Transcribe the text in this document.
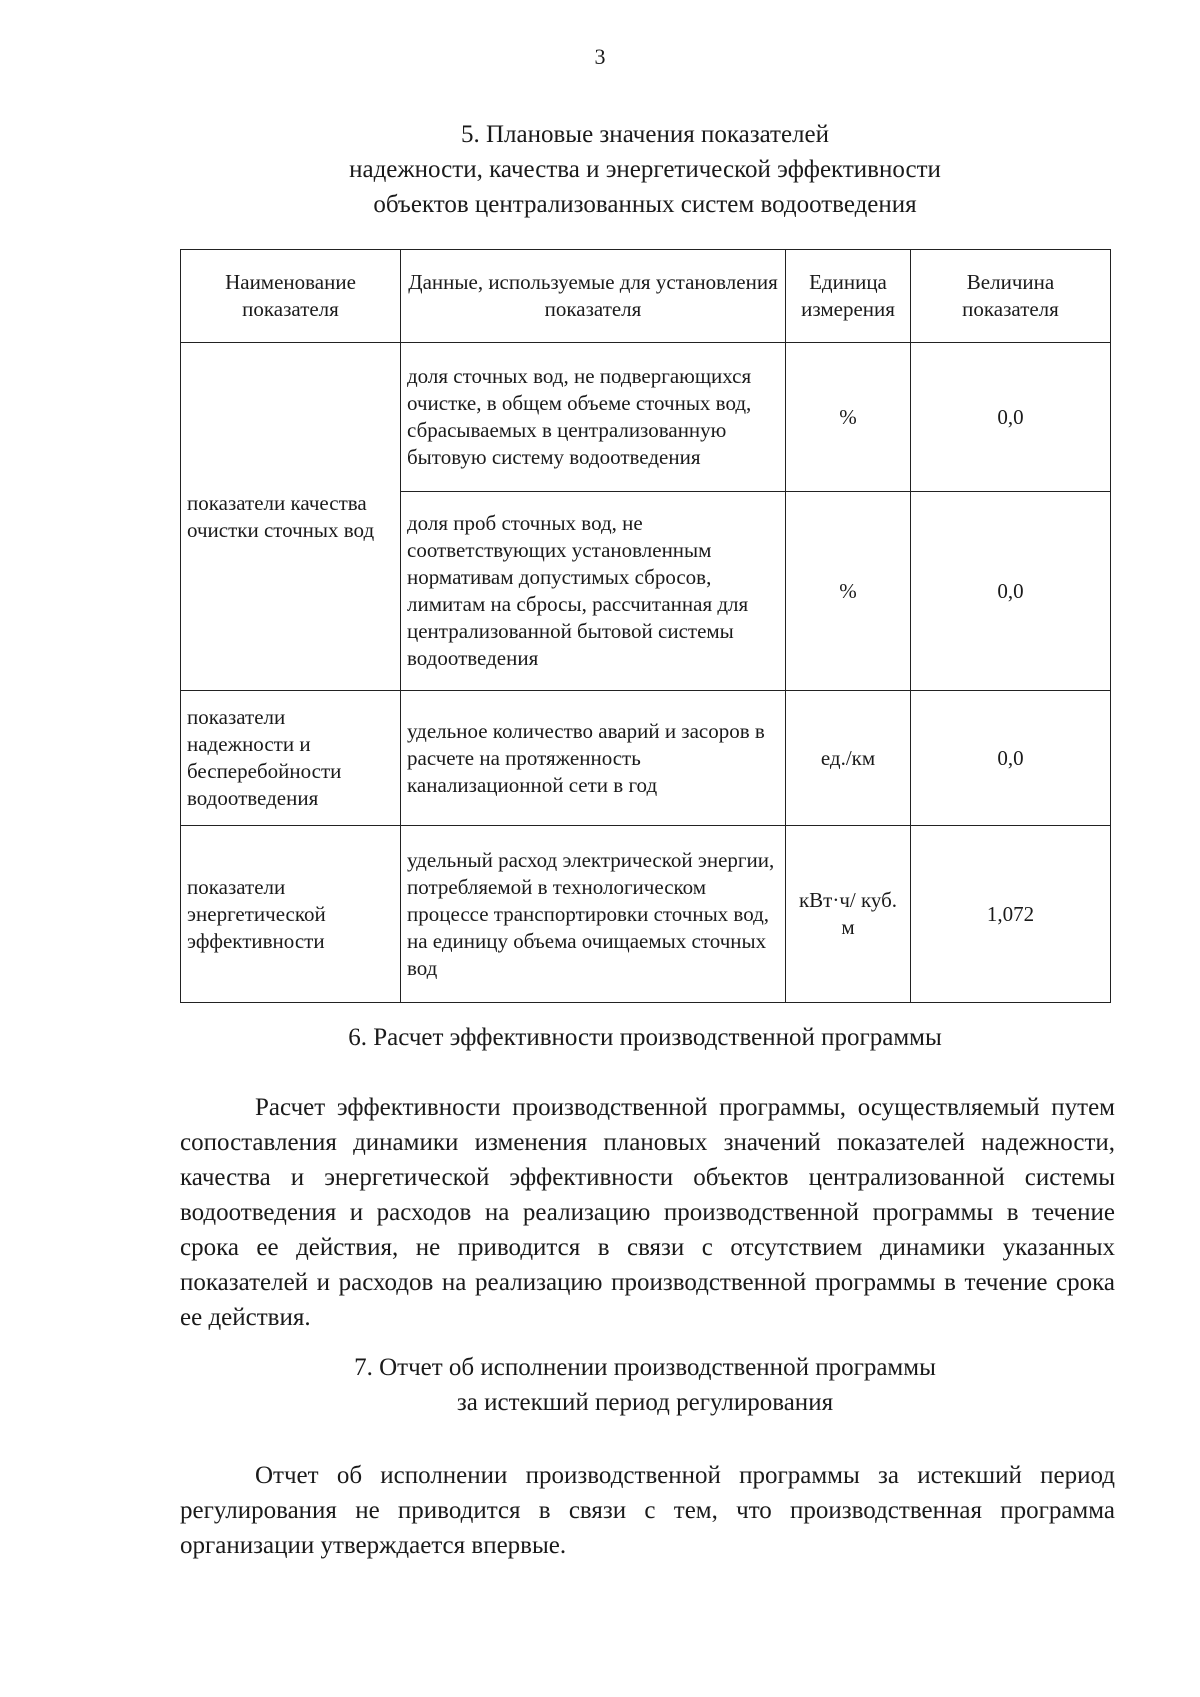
3
5. Плановые значения показателей
надежности, качества и энергетической эффективности
объектов централизованных систем водоотведения
Наименование показателя	Данные, используемые для установления показателя	Единица измерения	Величина показателя
показатели качества очистки сточных вод	доля сточных вод, не подвергающихся очистке, в общем объеме сточных вод, сбрасываемых в централизованную бытовую систему водоотведения	%	0,0
	доля проб сточных вод, не соответствующих установленным нормативам допустимых сбросов, лимитам на сбросы, рассчитанная для централизованной бытовой системы водоотведения	%	0,0
показатели надежности и бесперебойности водоотведения	удельное количество аварий и засоров в расчете на протяженность канализационной сети в год	ед./км	0,0
показатели энергетической эффективности	удельный расход электрической энергии, потребляемой в технологическом процессе транспортировки сточных вод, на единицу объема очищаемых сточных вод	кВт·ч/ куб. м	1,072
6. Расчет эффективности производственной программы

Расчет эффективности производственной программы, осуществляемый путем сопоставления динамики изменения плановых значений показателей надежности, качества и энергетической эффективности объектов централизованной системы водоотведения и расходов на реализацию производственной программы в течение срока ее действия, не приводится в связи с отсутствием динамики указанных показателей и расходов на реализацию производственной программы в течение срока ее действия.

7. Отчет об исполнении производственной программы
за истекший период регулирования

Отчет об исполнении производственной программы за истекший период регулирования не приводится в связи с тем, что производственная программа организации утверждается впервые.
